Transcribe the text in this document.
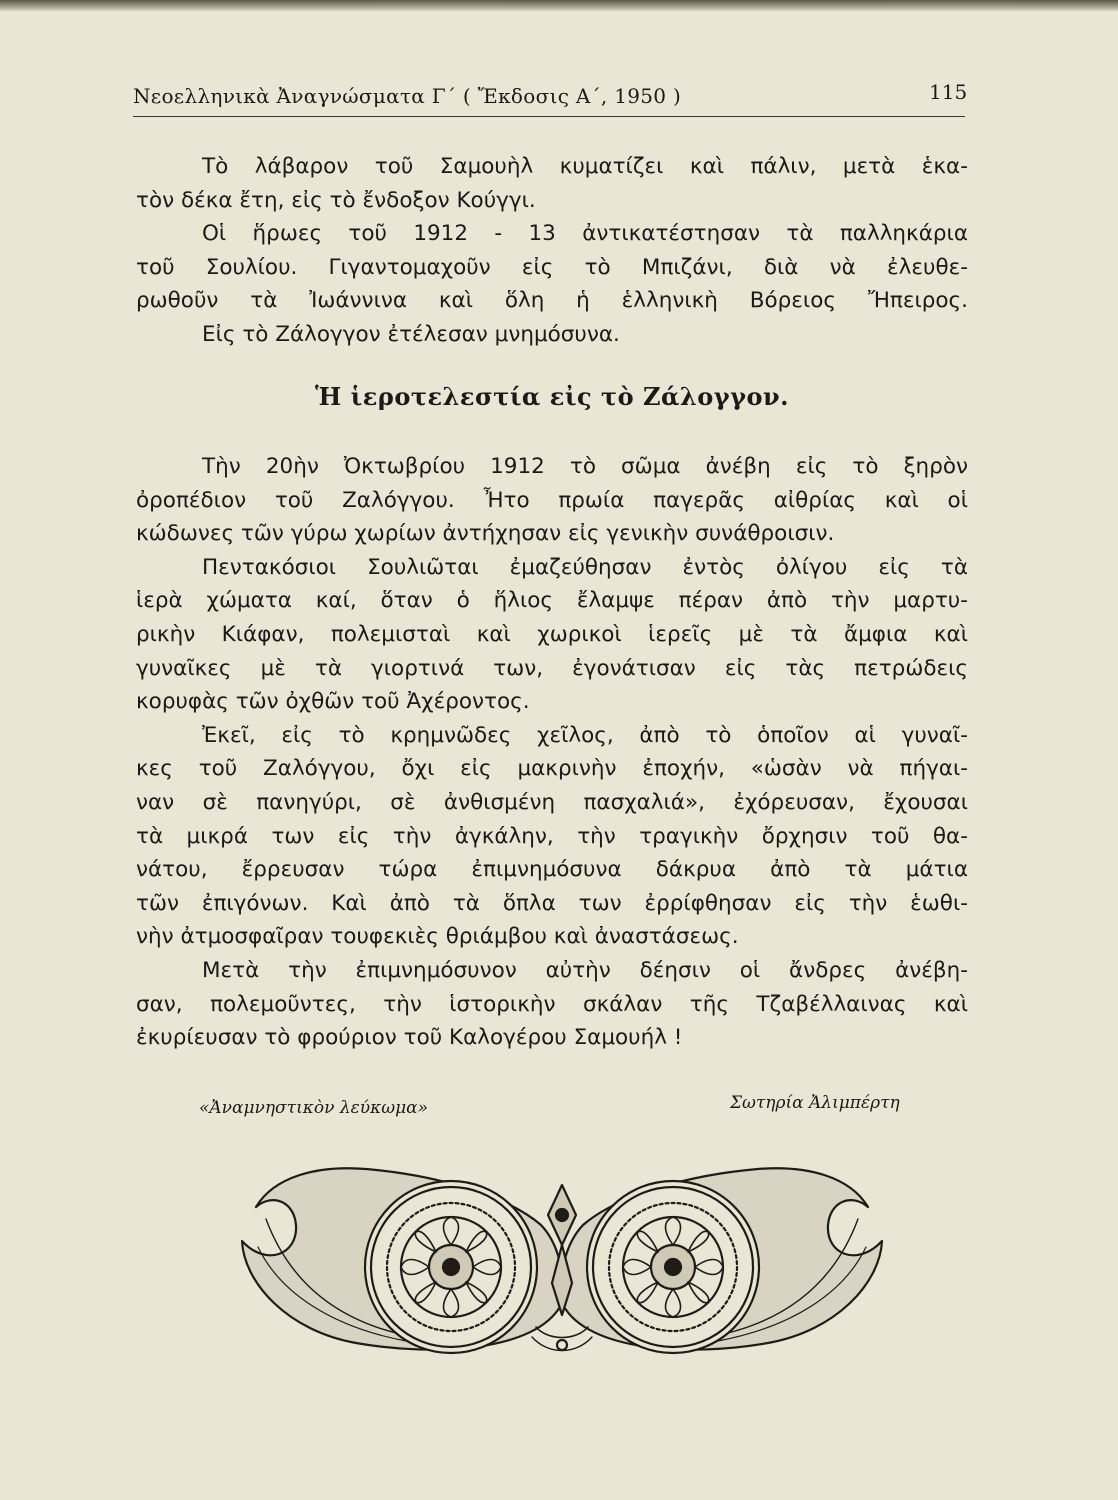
Νεοελληνικὰ Ἀναγνώσματα Γ΄ ( Ἔκδοσις Α΄, 1950 )	115
Τὸ λάβαρον τοῦ Σαμουὴλ κυματίζει καὶ πάλιν, μετὰ ἑκα-
τὸν δέκα ἔτη, εἰς τὸ ἔνδοξον Κούγγι.
Οἱ ἥρωες τοῦ 1912 - 13 ἀντικατέστησαν τὰ παλληκάρια
τοῦ Σουλίου. Γιγαντομαχοῦν εἰς τὸ Μπιζάνι, διὰ νὰ ἐλευθε-
ρωθοῦν τὰ Ἰωάννινα καὶ ὅλη ἡ ἑλληνικὴ Βόρειος Ἤπειρος.
Εἰς τὸ Ζάλογγον ἐτέλεσαν μνημόσυνα.
Ἡ ἱεροτελεστία εἰς τὸ Ζάλογγον.
Τὴν 20ὴν Ὀκτωβρίου 1912 τὸ σῶμα ἀνέβη εἰς τὸ ξηρὸν
ὀροπέδιον τοῦ Ζαλόγγου. Ἦτο πρωία παγερᾶς αἰθρίας καὶ οἱ
κώδωνες τῶν γύρω χωρίων ἀντήχησαν εἰς γενικὴν συνάθροισιν.
Πεντακόσιοι Σουλιῶται ἐμαζεύθησαν ἐντὸς ὀλίγου εἰς τὰ
ἱερὰ χώματα καί, ὅταν ὁ ἥλιος ἔλαμψε πέραν ἀπὸ τὴν μαρτυ-
ρικὴν Κιάφαν, πολεμισταὶ καὶ χωρικοὶ ἱερεῖς μὲ τὰ ἄμφια καὶ
γυναῖκες μὲ τὰ γιορτινά των, ἐγονάτισαν εἰς τὰς πετρώδεις
κορυφὰς τῶν ὀχθῶν τοῦ Ἀχέροντος.
Ἐκεῖ, εἰς τὸ κρημνῶδες χεῖλος, ἀπὸ τὸ ὁποῖον αἱ γυναῖ-
κες τοῦ Ζαλόγγου, ὄχι εἰς μακρινὴν ἐποχήν, «ὡσὰν νὰ πήγαι-
ναν σὲ πανηγύρι, σὲ ἀνθισμένη πασχαλιά», ἐχόρευσαν, ἔχουσαι
τὰ μικρά των εἰς τὴν ἀγκάλην, τὴν τραγικὴν ὄρχησιν τοῦ θα-
νάτου, ἔρρευσαν τώρα ἐπιμνημόσυνα δάκρυα ἀπὸ τὰ μάτια
τῶν ἐπιγόνων. Καὶ ἀπὸ τὰ ὅπλα των ἐρρίφθησαν εἰς τὴν ἑωθι-
νὴν ἀτμοσφαῖραν τουφεκιὲς θριάμβου καὶ ἀναστάσεως.
Μετὰ τὴν ἐπιμνημόσυνον αὐτὴν δέησιν οἱ ἄνδρες ἀνέβη-
σαν, πολεμοῦντες, τὴν ἱστορικὴν σκάλαν τῆς Τζαβέλλαινας καὶ
ἐκυρίευσαν τὸ φρούριον τοῦ Καλογέρου Σαμουήλ !
«Ἀναμνηστικὸν λεύκωμα»	Σωτηρία Ἀλιμπέρτη
